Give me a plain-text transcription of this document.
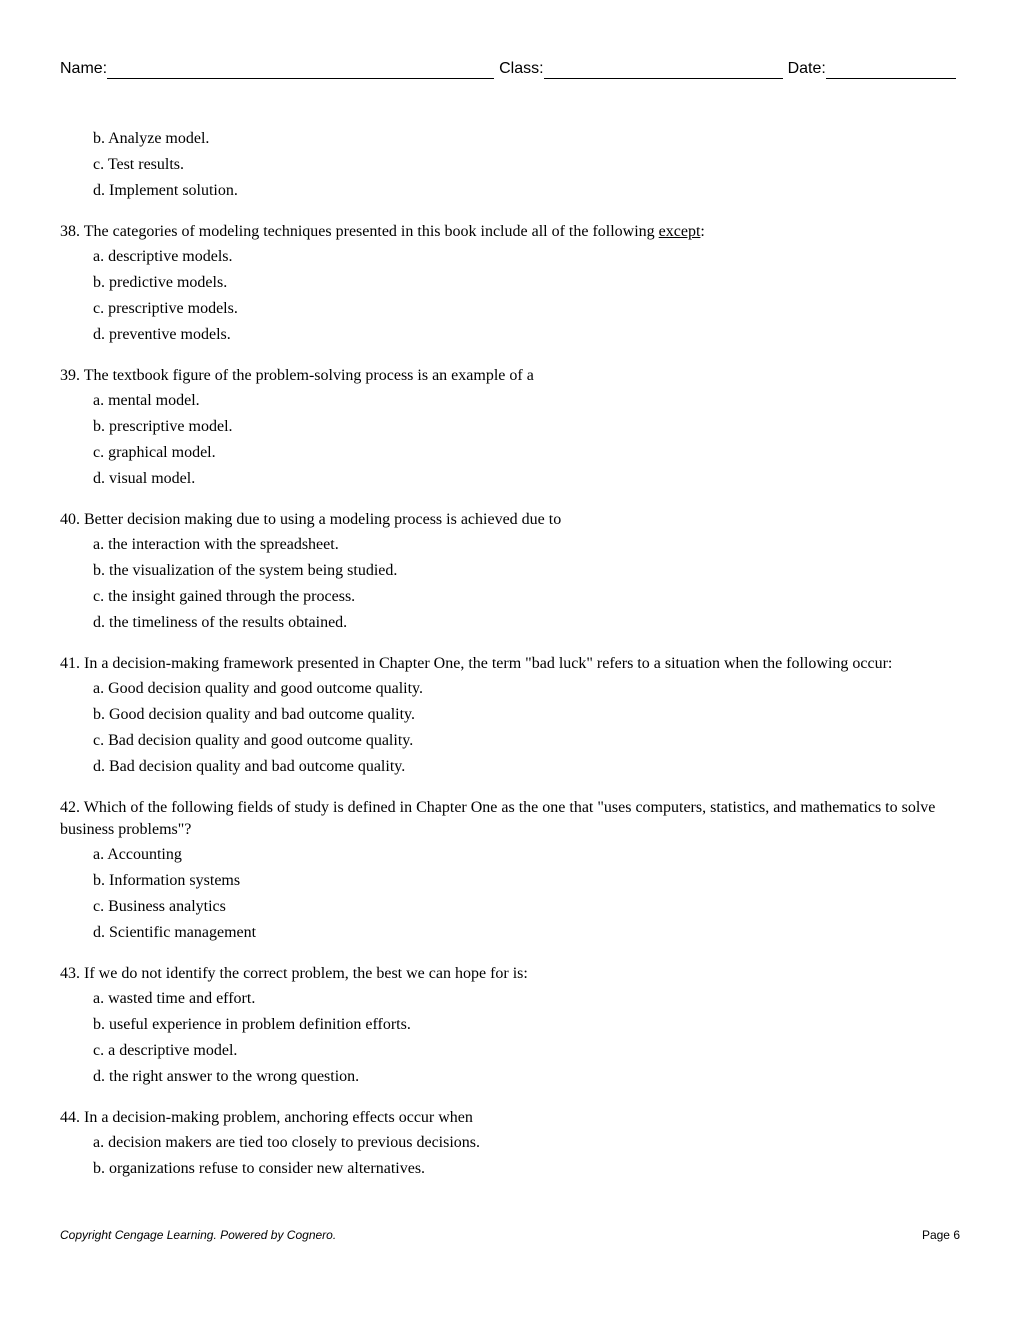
Name:	Class:	Date:
b. Analyze model.
c. Test results.
d. Implement solution.
38. The categories of modeling techniques presented in this book include all of the following except:
a. descriptive models.
b. predictive models.
c. prescriptive models.
d. preventive models.
39. The textbook figure of the problem-solving process is an example of a
a. mental model.
b. prescriptive model.
c. graphical model.
d. visual model.
40. Better decision making due to using a modeling process is achieved due to
a. the interaction with the spreadsheet.
b. the visualization of the system being studied.
c. the insight gained through the process.
d. the timeliness of the results obtained.
41. In a decision-making framework presented in Chapter One, the term "bad luck" refers to a situation when the following occur:
a. Good decision quality and good outcome quality.
b. Good decision quality and bad outcome quality.
c. Bad decision quality and good outcome quality.
d. Bad decision quality and bad outcome quality.
42. Which of the following fields of study is defined in Chapter One as the one that "uses computers, statistics, and mathematics to solve business problems"?
a. Accounting
b. Information systems
c. Business analytics
d. Scientific management
43. If we do not identify the correct problem, the best we can hope for is:
a. wasted time and effort.
b. useful experience in problem definition efforts.
c. a descriptive model.
d. the right answer to the wrong question.
44. In a decision-making problem, anchoring effects occur when
a. decision makers are tied too closely to previous decisions.
b. organizations refuse to consider new alternatives.
Copyright Cengage Learning. Powered by Cognero.	Page 6
